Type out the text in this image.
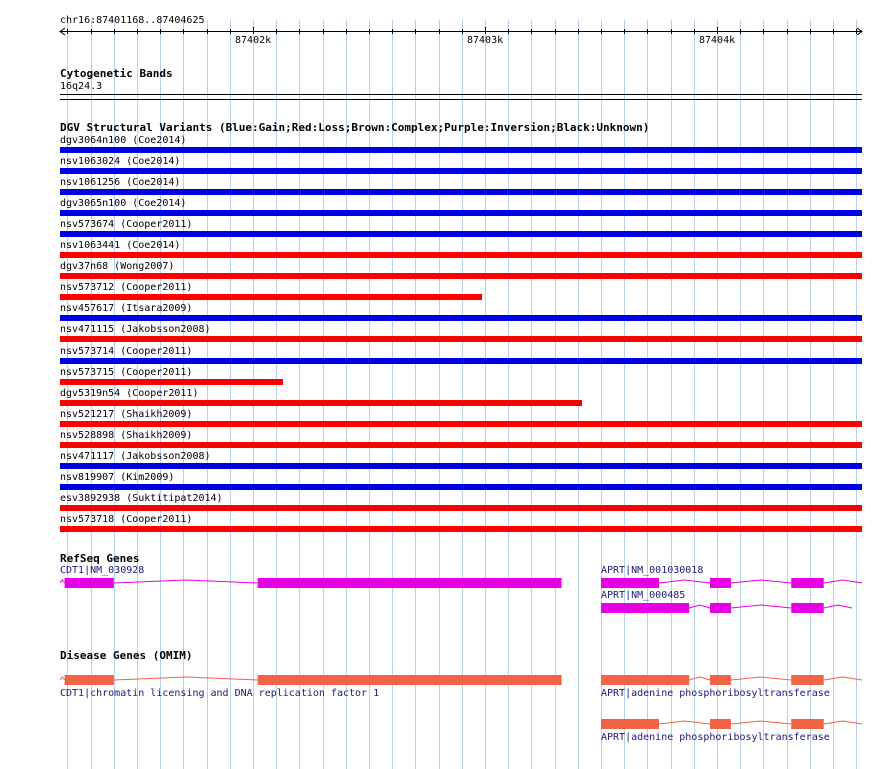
chr16:87401168..87404625
87402k	87403k	87404k
Cytogenetic Bands
16q24.3
DGV Structural Variants (Blue:Gain;Red:Loss;Brown:Complex;Purple:Inversion;Black:Unknown)
dgv3064n100 (Coe2014)
nsv1063024 (Coe2014)
nsv1061256 (Coe2014)
dgv3065n100 (Coe2014)
nsv573674 (Cooper2011)
nsv1063441 (Coe2014)
dgv37n68 (Wong2007)
nsv573712 (Cooper2011)
nsv457617 (Itsara2009)
nsv471115 (Jakobsson2008)
nsv573714 (Cooper2011)
nsv573715 (Cooper2011)
dgv5319n54 (Cooper2011)
nsv521217 (Shaikh2009)
nsv528898 (Shaikh2009)
nsv471117 (Jakobsson2008)
nsv819907 (Kim2009)
esv3892938 (Suktitipat2014)
nsv573718 (Cooper2011)
RefSeq Genes
CDT1|NM_030928	APRT|NM_001030018
APRT|NM_000485
Disease Genes (OMIM)
CDT1|chromatin licensing and DNA replication factor 1	APRT|adenine phosphoribosyltransferase
APRT|adenine phosphoribosyltransferase
